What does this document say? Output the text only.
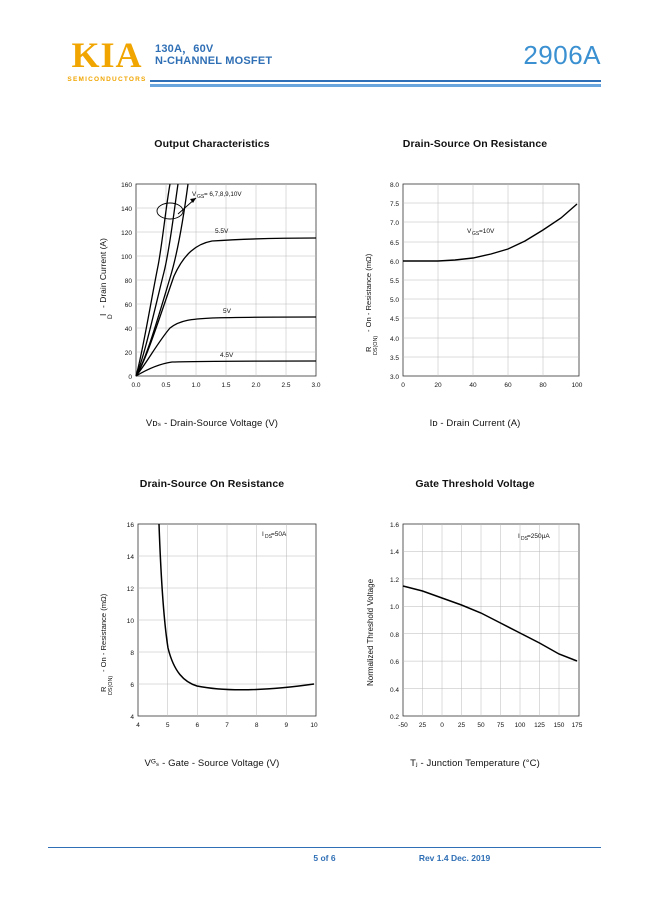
KIA
SEMICONDUCTORS
130A，60V
N-CHANNEL MOSFET	2906A
Output Characteristics
I D
- Drain Current (A)
160
140
120
100
80
60
40
20
0
0.0	0.5	1.0	1.5	2.0	2.5	3.0
V GS = 6,7,8,9,10V
5.5V
5V
4.5V
Vᴅₛ - Drain-Source Voltage (V)
Drain-Source On Resistance
R DS(ON)
- On - Resistance (mΩ)
8.0
7.5
7.0
6.5
6.0
5.5
5.0
4.5
4.0
3.5
3.0
0	20	40	60	80	100
V GS =10V
Iᴅ - Drain Current (A)
Drain-Source On Resistance
R DS(ON)
- On - Resistance (mΩ)
16
14
12
10
8
6
4
4	5	6	7	8	9	10
I DS =50A
Vᴳₛ - Gate - Source Voltage (V)
Gate Threshold Voltage
Normalized Threshold Voltage
1.6
1.4
1.2
1.0
0.8
0.6
0.4
0.2
-50 25 0 25 50 75 100 125 150 175
I DS =250µA
Tⱼ - Junction Temperature (°C)
5 of 6	Rev 1.4 Dec. 2019
